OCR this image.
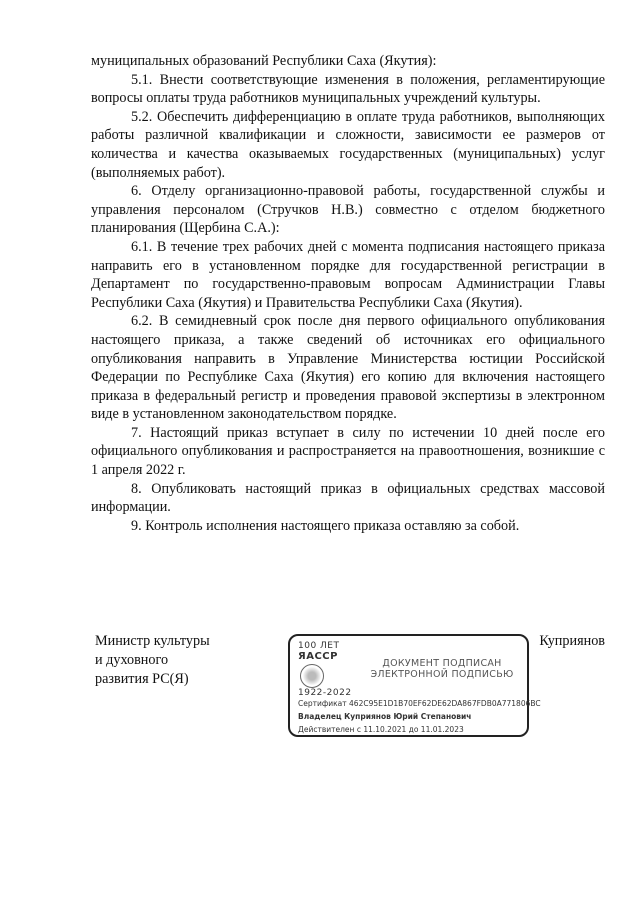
муниципальных образований Республики Саха (Якутия):

5.1. Внести соответствующие изменения в положения, регламентирующие вопросы оплаты труда работников муниципальных учреждений культуры.

5.2. Обеспечить дифференциацию в оплате труда работников, выполняющих работы различной квалификации и сложности, зависимости ее размеров от количества и качества оказываемых государственных (муниципальных) услуг (выполняемых работ).

6. Отделу организационно-правовой работы, государственной службы и управления персоналом (Стручков Н.В.) совместно с отделом бюджетного планирования (Щербина С.А.):

6.1. В течение трех рабочих дней с момента подписания настоящего приказа направить его в установленном порядке для государственной регистрации в Департамент по государственно-правовым вопросам Администрации Главы Республики Саха (Якутия) и Правительства Республики Саха (Якутия).

6.2. В семидневный срок после дня первого официального опубликования настоящего приказа, а также сведений об источниках его официального опубликования направить в Управление Министерства юстиции Российской Федерации по Республике Саха (Якутия) его копию для включения настоящего приказа в федеральный регистр и проведения правовой экспертизы в электронном виде в установленном законодательством порядке.

7. Настоящий приказ вступает в силу по истечении 10 дней после его официального опубликования и распространяется на правоотношения, возникшие с 1 апреля 2022 г.

8. Опубликовать настоящий приказ в официальных средствах массовой информации.

9. Контроль исполнения настоящего приказа оставляю за собой.

Министр культуры
и духовного
развития РС(Я)
100 ЛЕТ
ЯАССР
1922-2022
ДОКУМЕНТ ПОДПИСАН
ЭЛЕКТРОННОЙ ПОДПИСЬЮ
Сертификат 462С95Е1D1B70ЕF62DE62DA867FDB0A771806BC
Владелец Куприянов Юрий Степанович
Действителен с 11.10.2021 до 11.01.2023
Куприянов
